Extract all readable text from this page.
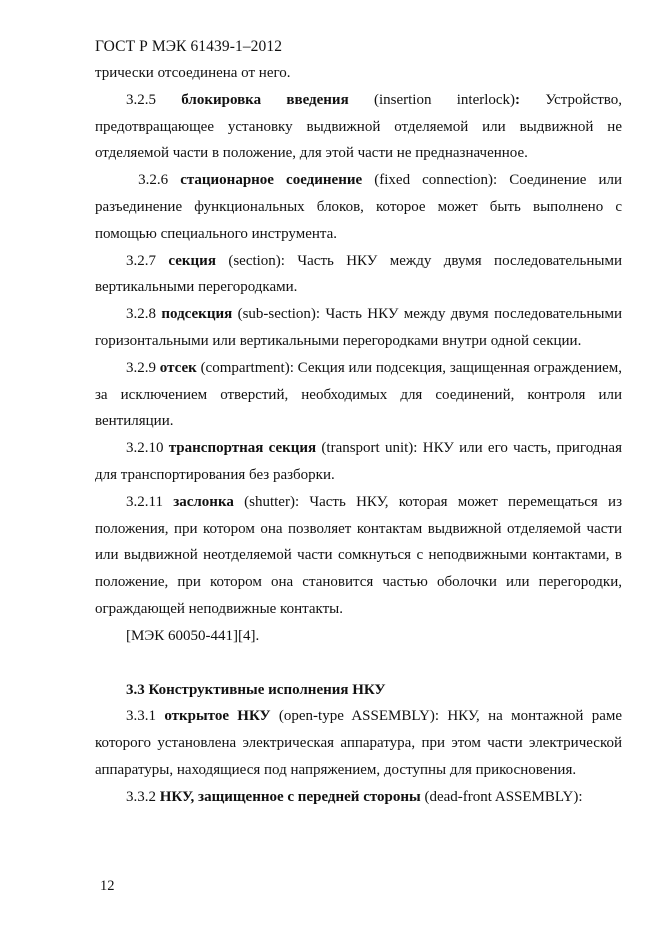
ГОСТ Р МЭК 61439-1–2012

трически отсоединена от него.

3.2.5 блокировка введения (insertion interlock): Устройство, предотвращающее установку выдвижной отделяемой или выдвижной не отделяемой части в положение, для этой части не предназначенное.

3.2.6 стационарное соединение (fixed connection): Соединение или разъединение функциональных блоков, которое может быть выполнено с помощью специального инструмента.

3.2.7 секция (section): Часть НКУ между двумя последовательными вертикальными перегородками.

3.2.8 подсекция (sub-section): Часть НКУ между двумя последовательными горизонтальными или вертикальными перегородками внутри одной секции.

3.2.9 отсек (compartment): Секция или подсекция, защищенная ограждением, за исключением отверстий, необходимых для соединений, контроля или вентиляции.

3.2.10 транспортная секция (transport unit): НКУ или его часть, пригодная для транспортирования без разборки.

3.2.11 заслонка (shutter): Часть НКУ, которая может перемещаться из положения, при котором она позволяет контактам выдвижной отделяемой части или выдвижной неотделяемой части сомкнуться с неподвижными контактами, в положение, при котором она становится частью оболочки или перегородки, ограждающей неподвижные контакты.

[МЭК 60050-441][4].

3.3 Конструктивные исполнения НКУ

3.3.1 открытое НКУ (open-type ASSEMBLY): НКУ, на монтажной раме которого установлена электрическая аппаратура, при этом части электрической аппаратуры, находящиеся под напряжением, доступны для прикосновения.

3.3.2 НКУ, защищенное с передней стороны (dead-front ASSEMBLY):

12
